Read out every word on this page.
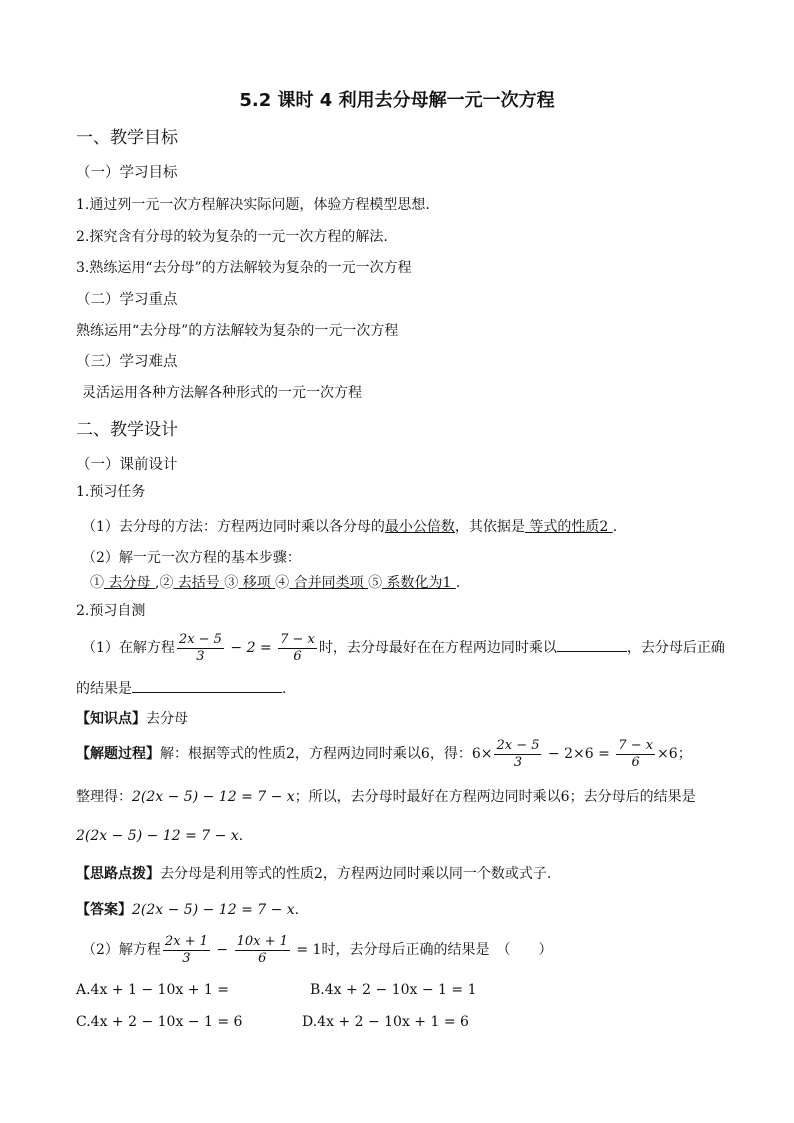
5.2 课时 4 利用去分母解一元一次方程
一、教学目标
（一）学习目标
1.通过列一元一次方程解决实际问题，体验方程模型思想.
2.探究含有分母的较为复杂的一元一次方程的解法.
3.熟练运用“去分母”的方法解较为复杂的一元一次方程
（二）学习重点
熟练运用“去分母”的方法解较为复杂的一元一次方程
（三）学习难点
灵活运用各种方法解各种形式的一元一次方程
二、教学设计
（一）课前设计
1.预习任务
（1）去分母的方法：方程两边同时乘以各分母的最小公倍数，其依据是 等式的性质2 .
（2）解一元一次方程的基本步骤：
① 去分母 ,② 去括号 ③ 移项 ④ 合并同类项 ⑤ 系数化为1 .
2.预习自测
（1）在解方程 $\frac{2x - 5}{3} - 2 = \frac{7 - x}{6}$ 时，去分母最好在在方程两边同时乘以	，去分母后正确
的结果是	.
【知识点】去分母
【解题过程】解：根据等式的性质2，方程两边同时乘以6，得：$6\times \frac{2x - 5}{3} - 2\times 6 = \frac{7 - x}{6} \times 6$；
整理得：2(2x − 5) − 12 = 7 − x；所以，去分母时最好在方程两边同时乘以6；去分母后的结果是
2(2x − 5) − 12 = 7 − x.
【思路点拨】去分母是利用等式的性质2，方程两边同时乘以同一个数或式子.
【答案】2(2x − 5) − 12 = 7 − x.
（2）解方程 $\frac{2x + 1}{3} - \frac{10x + 1}{6} = 1$时，去分母后正确的结果是　（　　）
A.4x + 1 − 10x + 1 =	B.4x + 2 − 10x − 1 = 1
C.4x + 2 − 10x − 1 = 6	D.4x + 2 − 10x + 1 = 6
